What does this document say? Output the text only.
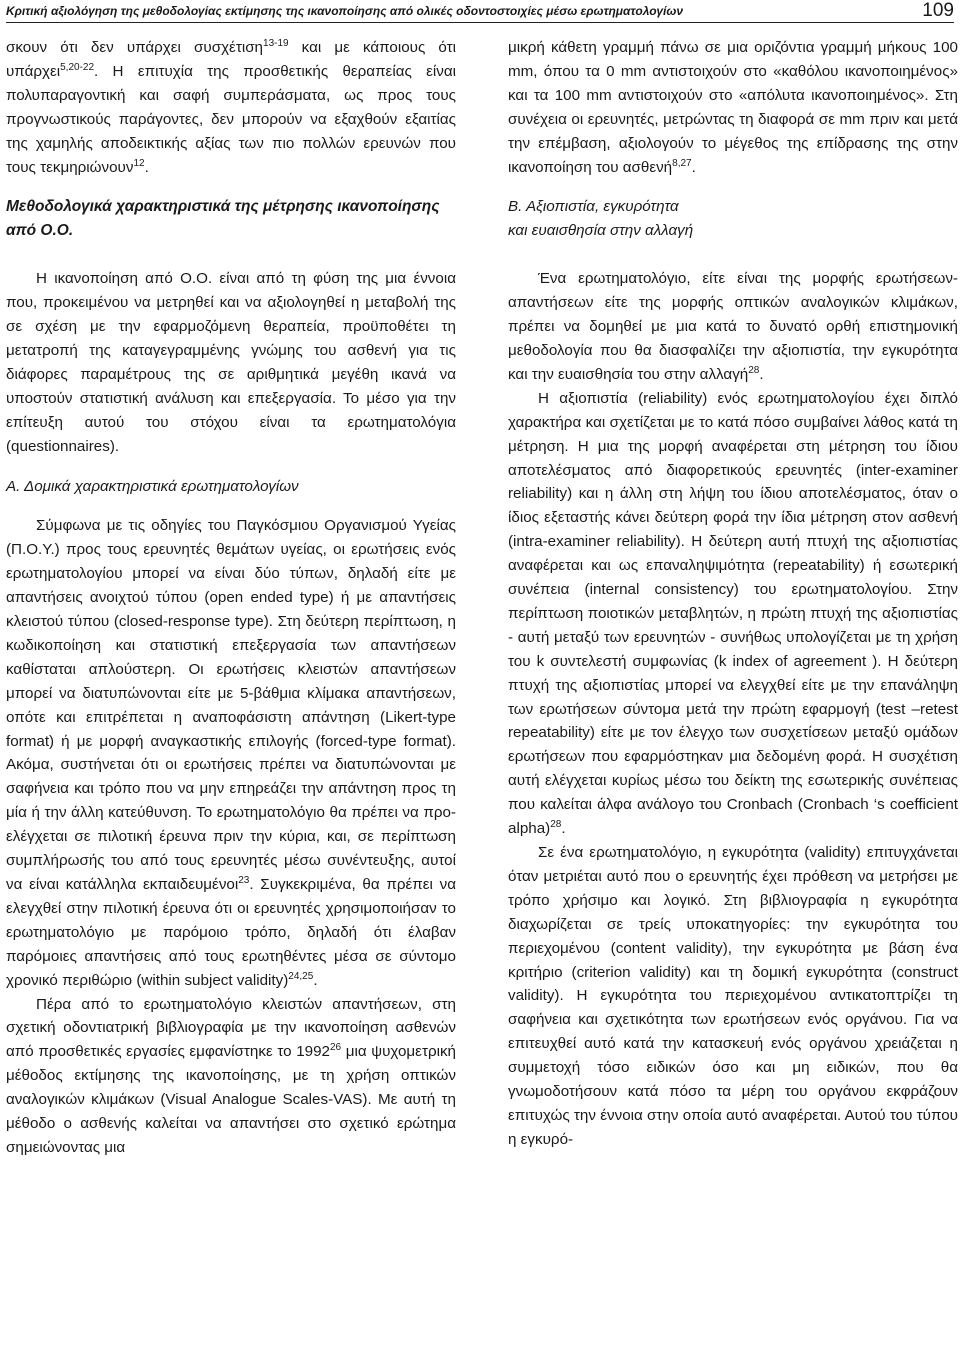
Κριτική αξιολόγηση της μεθοδολογίας εκτίμησης της ικανοποίησης από ολικές οδοντοστοιχίες μέσω ερωτηματολογίων	109

σκουν ότι δεν υπάρχει συσχέτιση$^{13-19}$ και με κάποιους ότι υπάρχει$^{5,20-22}$. Η επιτυχία της προσθετικής θεραπείας είναι πολυπαραγοντική και σαφή συμπεράσματα, ως προς τους προγνωστικούς παράγοντες, δεν μπορούν να εξαχθούν εξαιτίας της χαμηλής αποδεικτικής αξίας των πιο πολλών ερευνών που τους τεκμηριώνουν$^{12}$.

Μεθοδολογικά χαρακτηριστικά της μέτρησης ικανοποίησης από Ο.Ο.

Η ικανοποίηση από Ο.Ο. είναι από τη φύση της μια έννοια που, προκειμένου να μετρηθεί και να αξιολογηθεί η μεταβολή της σε σχέση με την εφαρμοζόμενη θεραπεία, προϋποθέτει τη μετατροπή της καταγεγραμμένης γνώμης του ασθενή για τις διάφορες παραμέτρους της σε αριθμητικά μεγέθη ικανά να υποστούν στατιστική ανάλυση και επεξεργασία. Το μέσο για την επίτευξη αυτού του στόχου είναι τα ερωτηματολόγια (questionnaires).

Α. Δομικά χαρακτηριστικά ερωτηματολογίων

Σύμφωνα με τις οδηγίες του Παγκόσμιου Οργανισμού Υγείας (Π.Ο.Υ.) προς τους ερευνητές θεμάτων υγείας, οι ερωτήσεις ενός ερωτηματολογίου μπορεί να είναι δύο τύπων, δηλαδή είτε με απαντήσεις ανοιχτού τύπου (open ended type) ή με απαντήσεις κλειστού τύπου (closed-response type). Στη δεύτερη περίπτωση, η κωδικοποίηση και στατιστική επεξεργασία των απαντήσεων καθίσταται απλούστερη. Οι ερωτήσεις κλειστών απαντήσεων μπορεί να διατυπώνονται είτε με 5-βάθμια κλίμακα απαντήσεων, οπότε και επιτρέπεται η αναποφάσιστη απάντηση (Likert-type format) ή με μορφή αναγκαστικής επιλογής (forced-type format). Ακόμα, συστήνεται ότι οι ερωτήσεις πρέπει να διατυπώνονται με σαφήνεια και τρόπο που να μην επηρεάζει την απάντηση προς τη μία ή την άλλη κατεύθυνση. Το ερωτηματολόγιο θα πρέπει να προ-ελέγχεται σε πιλοτική έρευνα πριν την κύρια, και, σε περίπτωση συμπλήρωσής του από τους ερευνητές μέσω συνέντευξης, αυτοί να είναι κατάλληλα εκπαιδευμένοι$^{23}$. Συγκεκριμένα, θα πρέπει να ελεγχθεί στην πιλοτική έρευνα ότι οι ερευνητές χρησιμοποιήσαν το ερωτηματολόγιο με παρόμοιο τρόπο, δηλαδή ότι έλαβαν παρόμοιες απαντήσεις από τους ερωτηθέντες μέσα σε σύντομο χρονικό περιθώριο (within subject validity)$^{24,25}$.

Πέρα από το ερωτηματολόγιο κλειστών απαντήσεων, στη σχετική οδοντιατρική βιβλιογραφία με την ικανοποίηση ασθενών από προσθετικές εργασίες εμφανίστηκε το 1992$^{26}$ μια ψυχομετρική μέθοδος εκτίμησης της ικανοποίησης, με τη χρήση οπτικών αναλογικών κλιμάκων (Visual Analogue Scales-VAS). Με αυτή τη μέθοδο ο ασθενής καλείται να απαντήσει στο σχετικό ερώτημα σημειώνοντας μια

μικρή κάθετη γραμμή πάνω σε μια οριζόντια γραμμή μήκους 100 mm, όπου τα 0 mm αντιστοιχούν στο «καθόλου ικανοποιημένος» και τα 100 mm αντιστοιχούν στο «απόλυτα ικανοποιημένος». Στη συνέχεια οι ερευνητές, μετρώντας τη διαφορά σε mm πριν και μετά την επέμβαση, αξιολογούν το μέγεθος της επίδρασης της στην ικανοποίηση του ασθενή$^{8,27}$.

Β. Αξιοπιστία, εγκυρότητα
και ευαισθησία στην αλλαγή

Ένα ερωτηματολόγιο, είτε είναι της μορφής ερωτήσεων-απαντήσεων είτε της μορφής οπτικών αναλογικών κλιμάκων, πρέπει να δομηθεί με μια κατά το δυνατό ορθή επιστημονική μεθοδολογία που θα διασφαλίζει την αξιοπιστία, την εγκυρότητα και την ευαισθησία του στην αλλαγή$^{28}$.

Η αξιοπιστία (reliability) ενός ερωτηματολογίου έχει διπλό χαρακτήρα και σχετίζεται με το κατά πόσο συμβαίνει λάθος κατά τη μέτρηση. Η μια της μορφή αναφέρεται στη μέτρηση του ίδιου αποτελέσματος από διαφορετικούς ερευνητές (inter-examiner reliability) και η άλλη στη λήψη του ίδιου αποτελέσματος, όταν ο ίδιος εξεταστής κάνει δεύτερη φορά την ίδια μέτρηση στον ασθενή (intra-examiner reliability). Η δεύτερη αυτή πτυχή της αξιοπιστίας αναφέρεται και ως επαναληψιμότητα (repeatability) ή εσωτερική συνέπεια (internal consistency) του ερωτηματολογίου. Στην περίπτωση ποιοτικών μεταβλητών, η πρώτη πτυχή της αξιοπιστίας - αυτή μεταξύ των ερευνητών - συνήθως υπολογίζεται με τη χρήση του k συντελεστή συμφωνίας (k index of agreement ). Η δεύτερη πτυχή της αξιοπιστίας μπορεί να ελεγχθεί είτε με την επανάληψη των ερωτήσεων σύντομα μετά την πρώτη εφαρμογή (test –retest repeatability) είτε με τον έλεγχο των συσχετίσεων μεταξύ ομάδων ερωτήσεων που εφαρμόστηκαν μια δεδομένη φορά. Η συσχέτιση αυτή ελέγχεται κυρίως μέσω του δείκτη της εσωτερικής συνέπειας που καλείται άλφα ανάλογο του Cronbach (Cronbach ‘s coefficient alpha)$^{28}$.

Σε ένα ερωτηματολόγιο, η εγκυρότητα (validity) επιτυγχάνεται όταν μετριέται αυτό που ο ερευνητής έχει πρόθεση να μετρήσει με τρόπο χρήσιμο και λογικό. Στη βιβλιογραφία η εγκυρότητα διαχωρίζεται σε τρείς υποκατηγορίες: την εγκυρότητα του περιεχομένου (content validity), την εγκυρότητα με βάση ένα κριτήριο (criterion validity) και τη δομική εγκυρότητα (construct validity). Η εγκυρότητα του περιεχομένου αντικατοπτρίζει τη σαφήνεια και σχετικότητα των ερωτήσεων ενός οργάνου. Για να επιτευχθεί αυτό κατά την κατασκευή ενός οργάνου χρειάζεται η συμμετοχή τόσο ειδικών όσο και μη ειδικών, που θα γνωμοδοτήσουν κατά πόσο τα μέρη του οργάνου εκφράζουν επιτυχώς την έννοια στην οποία αυτό αναφέρεται. Αυτού του τύπου η εγκυρό-
